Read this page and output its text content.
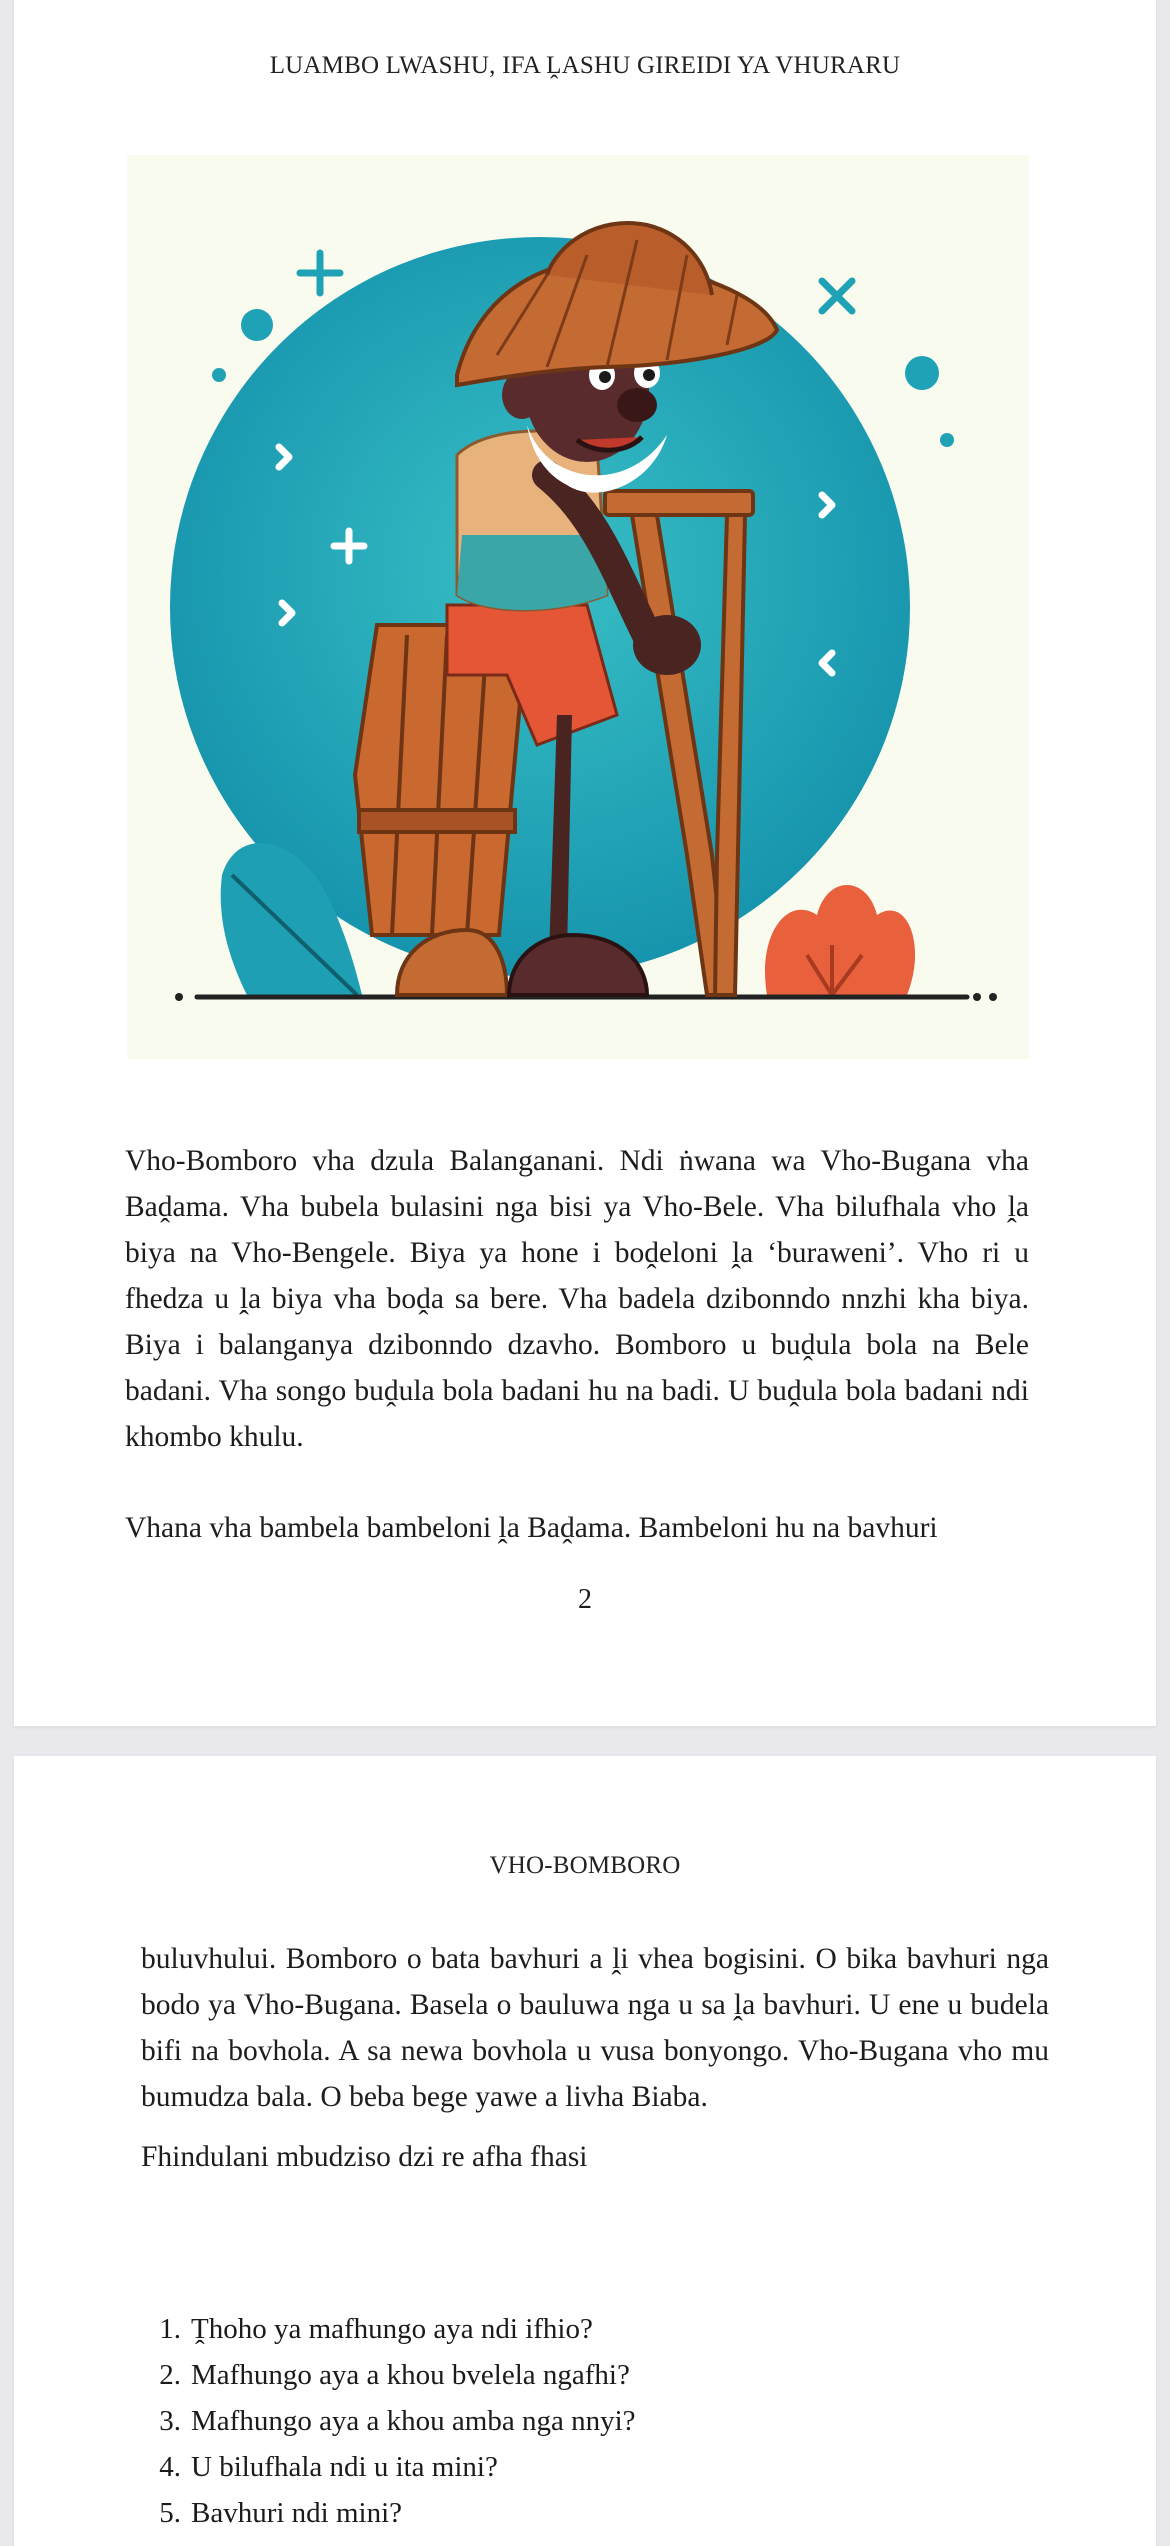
LUAMBO LWASHU, IFA ḼASHU GIREIDI YA VHURARU

Vho-Bomboro vha dzula Balanganani. Ndi ṅwana wa Vho-Bugana vha Baḓama. Vha bubela bulasini nga bisi ya Vho-Bele. Vha bilufhala vho ḽa biya na Vho-Bengele. Biya ya hone i boḓeloni ḽa ‘buraweni’. Vho ri u fhedza u ḽa biya vha boḓa sa bere. Vha badela dzibonndo nnzhi kha biya. Biya i balanganya dzibonndo dzavho. Bomboro u buḓula bola na Bele badani. Vha songo buḓula bola badani hu na badi. U buḓula bola badani ndi khombo khulu.

Vhana vha bambela bambeloni ḽa Baḓama. Bambeloni hu na bavhuri

2
VHO-BOMBORO

buluvhului. Bomboro o bata bavhuri a ḽi vhea bogisini. O bika bavhuri nga bodo ya Vho-Bugana. Basela o bauluwa nga u sa ḽa bavhuri. U ene u budela bifi na bovhola. A sa newa bovhola u vusa bonyongo. Vho-Bugana vho mu bumudza bala. O beba bege yawe a livha Biaba.

Fhindulani mbudziso dzi re afha fhasi

1. Ṱhoho ya mafhungo aya ndi ifhio?
2. Mafhungo aya a khou bvelela ngafhi?
3. Mafhungo aya a khou amba nga nnyi?
4. U bilufhala ndi u ita mini?
5. Bavhuri ndi mini?
